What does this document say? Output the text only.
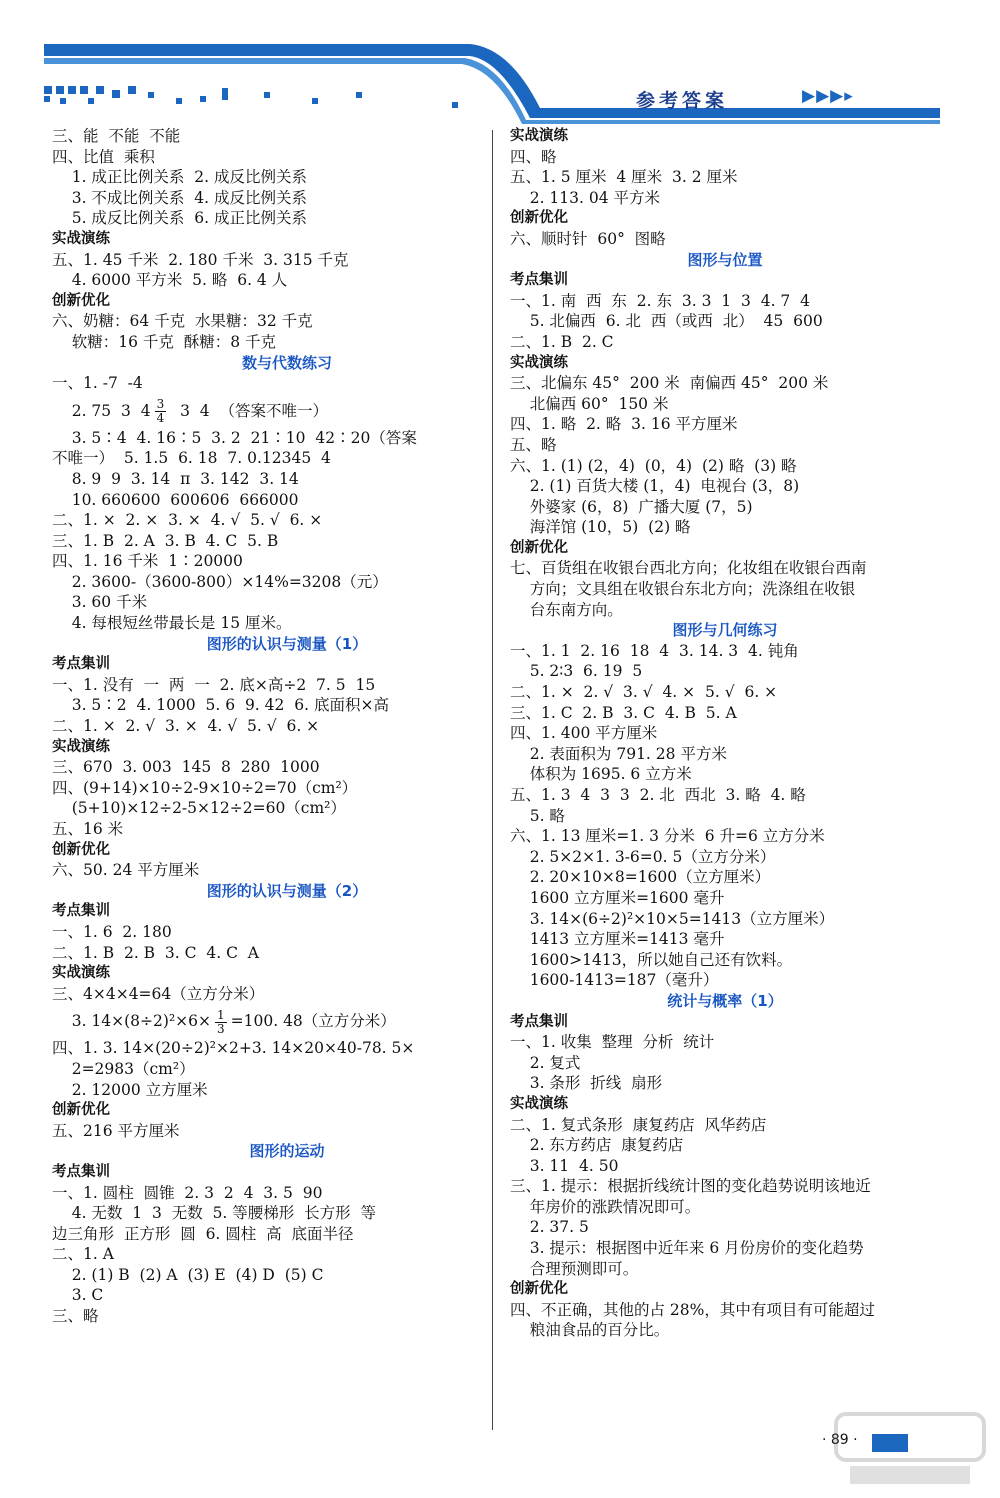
参考答案	▶▶▶▸
三、能  不能  不能
四、比值  乘积
1. 成正比例关系  2. 成反比例关系
3. 不成比例关系  4. 成反比例关系
5. 成反比例关系  6. 成正比例关系
实战演练
五、1. 45 千米  2. 180 千米  3. 315 千克
4. 6000 平方米  5. 略  6. 4 人
创新优化
六、奶糖：64 千克  水果糖：32 千克
软糖：16 千克  酥糖：8 千克
数与代数练习
一、1. -7  -4
2. 75  3  $4 \frac{3}{4} 3$  4  （答案不唯一）
3. 5∶4  4. 16∶5  3. 2  21∶10  42∶20（答案
不唯一）  5. 1.5  6. 18  7. 0.12345  4
8. 9  9  3. 14  π  3. 142  3. 14
10. 660600  600606  666000
二、1. ×  2. ×  3. ×  4. √  5. √  6. ×
三、1. B  2. A  3. B  4. C  5. B
四、1. 16 千米  1∶20000
2. 3600-（3600-800）×14%=3208（元）
3. 60 千米
4. 每根短丝带最长是 15 厘米。
图形的认识与测量（1）
考点集训
一、1. 没有  一  两  一  2. 底×高÷2  7. 5  15
3. 5∶2  4. 1000  5. 6  9. 42  6. 底面积×高
二、1. ×  2. √  3. ×  4. √  5. √  6. ×
实战演练
三、670  3. 003  145  8  280  1000
四、(9+14)×10÷2-9×10÷2=70（cm²）
(5+10)×12÷2-5×12÷2=60（cm²）
五、16 米
创新优化
六、50. 24 平方厘米
图形的认识与测量（2）
考点集训
一、1. 6  2. 180
二、1. B  2. B  3. C  4. C  A
实战演练
三、4×4×4=64（立方分米）
3. $14\times(8\div 2)^2\times 6\times \frac{1}{3} =100$. 48（立方分米）
四、1. 3. 14×(20÷2)²×2+3. 14×20×40-78. 5×
2=2983（cm²）
2. 12000 立方厘米
创新优化
五、216 平方厘米
图形的运动
考点集训
一、1. 圆柱  圆锥  2. 3  2  4  3. 5  90
4. 无数  1  3  无数  5. 等腰梯形  长方形  等
边三角形  正方形  圆  6. 圆柱  高  底面半径
二、1. A
2. (1) B  (2) A  (3) E  (4) D  (5) C
3. C
三、略
实战演练
四、略
五、1. 5 厘米  4 厘米  3. 2 厘米
2. 113. 04 平方米
创新优化
六、顺时针  60°  图略
图形与位置
考点集训
一、1. 南  西  东  2. 东  3. 3  1  3  4. 7  4
5. 北偏西  6. 北  西（或西  北）  45  600
二、1. B  2. C
实战演练
三、北偏东 45°  200 米  南偏西 45°  200 米
北偏西 60°  150 米
四、1. 略  2. 略  3. 16 平方厘米
五、略
六、1. (1) (2，4)  (0，4)  (2) 略  (3) 略
2. (1) 百货大楼 (1，4)  电视台 (3，8)
外婆家 (6，8)  广播大厦 (7，5)
海洋馆 (10，5)  (2) 略
创新优化
七、百货组在收银台西北方向；化妆组在收银台西南
方向；文具组在收银台东北方向；洗涤组在收银
台东南方向。
图形与几何练习
一、1. 1  2. 16  18  4  3. 14. 3  4. 钝角
5. 2∶3  6. 19  5
二、1. ×  2. √  3. √  4. ×  5. √  6. ×
三、1. C  2. B  3. C  4. B  5. A
四、1. 400 平方厘米
2. 表面积为 791. 28 平方米
体积为 1695. 6 立方米
五、1. 3  4  3  3  2. 北  西北  3. 略  4. 略
5. 略
六、1. 13 厘米=1. 3 分米  6 升=6 立方分米
2. 5×2×1. 3-6=0. 5（立方分米）
2. 20×10×8=1600（立方厘米）
1600 立方厘米=1600 毫升
3. 14×(6÷2)²×10×5=1413（立方厘米）
1413 立方厘米=1413 毫升
1600>1413，所以她自己还有饮料。
1600-1413=187（毫升）
统计与概率（1）
考点集训
一、1. 收集  整理  分析  统计
2. 复式
3. 条形  折线  扇形
实战演练
二、1. 复式条形  康复药店  风华药店
2. 东方药店  康复药店
3. 11  4. 50
三、1. 提示：根据折线统计图的变化趋势说明该地近
年房价的涨跌情况即可。
2. 37. 5
3. 提示：根据图中近年来 6 月份房价的变化趋势
合理预测即可。
创新优化
四、不正确，其他的占 28%，其中有项目有可能超过
粮油食品的百分比。
· 89 ·
